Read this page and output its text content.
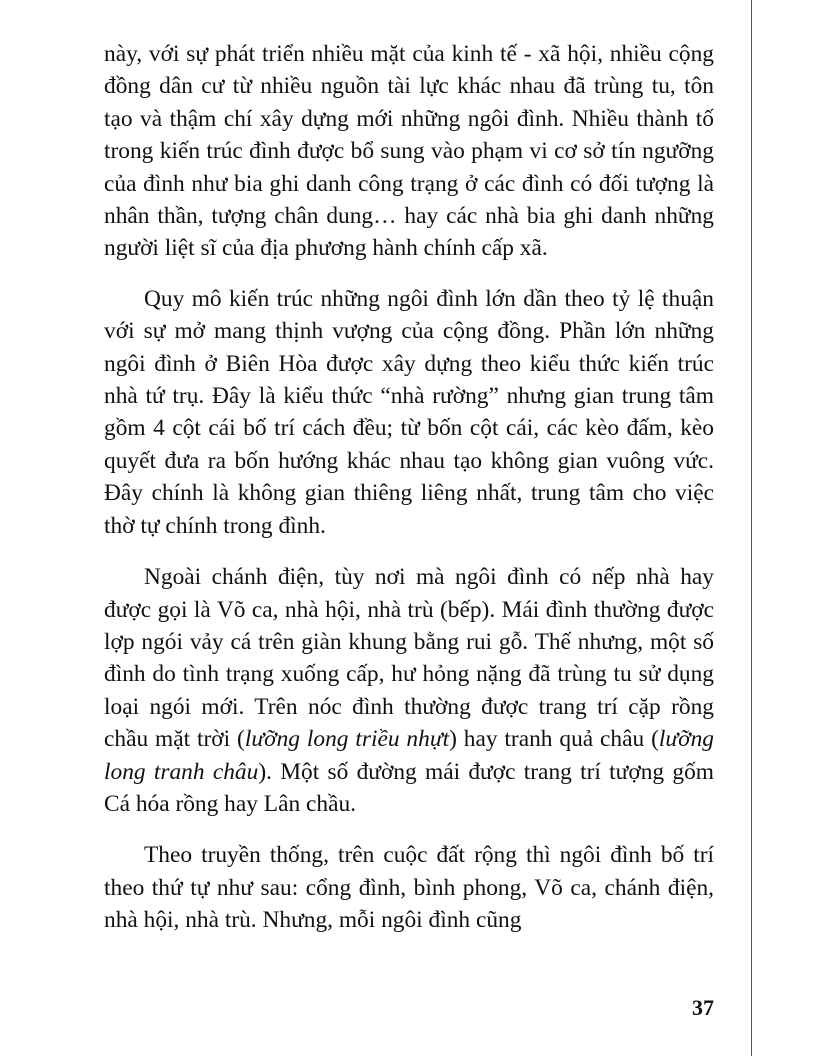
này, với sự phát triển nhiều mặt của kinh tế - xã hội, nhiều cộng đồng dân cư từ nhiều nguồn tài lực khác nhau đã trùng tu, tôn tạo và thậm chí xây dựng mới những ngôi đình. Nhiều thành tố trong kiến trúc đình được bổ sung vào phạm vi cơ sở tín ngưỡng của đình như bia ghi danh công trạng ở các đình có đối tượng là nhân thần, tượng chân dung… hay các nhà bia ghi danh những người liệt sĩ của địa phương hành chính cấp xã.

Quy mô kiến trúc những ngôi đình lớn dần theo tỷ lệ thuận với sự mở mang thịnh vượng của cộng đồng. Phần lớn những ngôi đình ở Biên Hòa được xây dựng theo kiểu thức kiến trúc nhà tứ trụ. Đây là kiểu thức “nhà rường” nhưng gian trung tâm gồm 4 cột cái bố trí cách đều; từ bốn cột cái, các kèo đấm, kèo quyết đưa ra bốn hướng khác nhau tạo không gian vuông vức. Đây chính là không gian thiêng liêng nhất, trung tâm cho việc thờ tự chính trong đình.

Ngoài chánh điện, tùy nơi mà ngôi đình có nếp nhà hay được gọi là Võ ca, nhà hội, nhà trù (bếp). Mái đình thường được lợp ngói vảy cá trên giàn khung bằng rui gỗ. Thế nhưng, một số đình do tình trạng xuống cấp, hư hỏng nặng đã trùng tu sử dụng loại ngói mới. Trên nóc đình thường được trang trí cặp rồng chầu mặt trời (lưỡng long triều nhựt) hay tranh quả châu (lưỡng long tranh châu). Một số đường mái được trang trí tượng gốm Cá hóa rồng hay Lân chầu.

Theo truyền thống, trên cuộc đất rộng thì ngôi đình bố trí theo thứ tự như sau: cổng đình, bình phong, Võ ca, chánh điện, nhà hội, nhà trù. Nhưng, mỗi ngôi đình cũng

37
